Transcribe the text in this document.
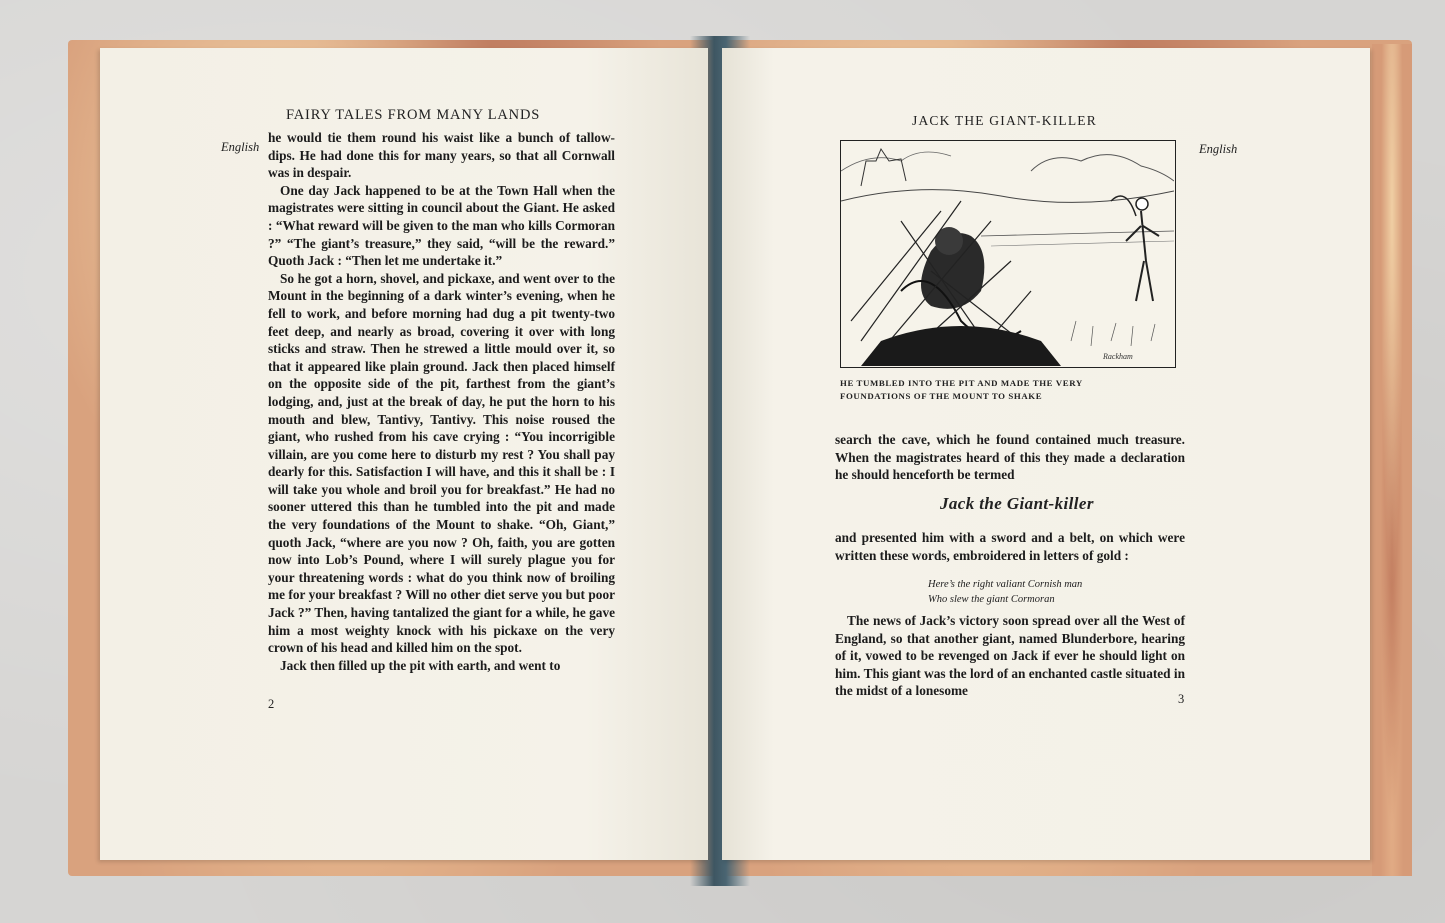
FAIRY TALES FROM MANY LANDS
English

he would tie them round his waist like a bunch of tallow-dips. He had done this for many years, so that all Cornwall was in despair.

One day Jack happened to be at the Town Hall when the magistrates were sitting in council about the Giant. He asked : “What reward will be given to the man who kills Cormoran ?” “The giant’s treasure,” they said, “will be the reward.” Quoth Jack : “Then let me undertake it.”

So he got a horn, shovel, and pickaxe, and went over to the Mount in the beginning of a dark winter’s evening, when he fell to work, and before morning had dug a pit twenty-two feet deep, and nearly as broad, covering it over with long sticks and straw. Then he strewed a little mould over it, so that it appeared like plain ground. Jack then placed himself on the opposite side of the pit, farthest from the giant’s lodging, and, just at the break of day, he put the horn to his mouth and blew, Tantivy, Tantivy. This noise roused the giant, who rushed from his cave crying : “You incorrigible villain, are you come here to disturb my rest ? You shall pay dearly for this. Satisfaction I will have, and this it shall be : I will take you whole and broil you for breakfast.” He had no sooner uttered this than he tumbled into the pit and made the very foundations of the Mount to shake. “Oh, Giant,” quoth Jack, “where are you now ? Oh, faith, you are gotten now into Lob’s Pound, where I will surely plague you for your threatening words : what do you think now of broiling me for your breakfast ? Will no other diet serve you but poor Jack ?” Then, having tantalized the giant for a while, he gave him a most weighty knock with his pickaxe on the very crown of his head and killed him on the spot.

Jack then filled up the pit with earth, and went to

2
JACK THE GIANT-KILLER
English
Rackham
HE TUMBLED INTO THE PIT AND MADE THE VERY
FOUNDATIONS OF THE MOUNT TO SHAKE

search the cave, which he found contained much treasure. When the magistrates heard of this they made a declaration he should henceforth be termed

Jack the Giant-killer

and presented him with a sword and a belt, on which were written these words, embroidered in letters of gold :

Here’s the right valiant Cornish man
Who slew the giant Cormoran

The news of Jack’s victory soon spread over all the West of England, so that another giant, named Blunderbore, hearing of it, vowed to be revenged on Jack if ever he should light on him. This giant was the lord of an enchanted castle situated in the midst of a lonesome

3
